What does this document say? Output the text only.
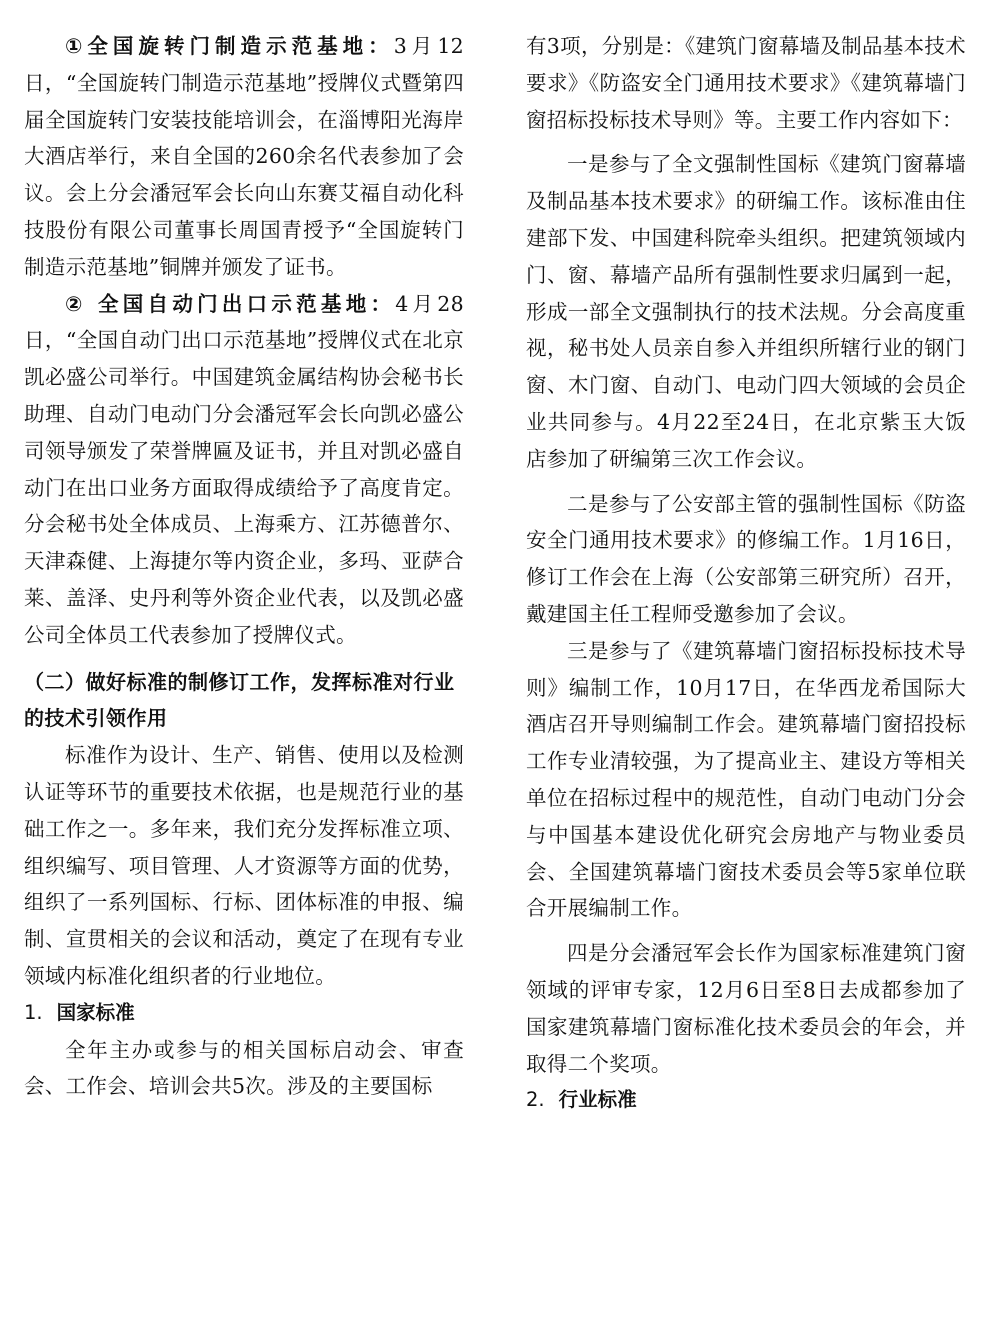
①全国旋转门制造示范基地：3月12日，“全国旋转门制造示范基地”授牌仪式暨第四届全国旋转门安装技能培训会，在淄博阳光海岸大酒店举行，来自全国的260余名代表参加了会议。会上分会潘冠军会长向山东赛艾福自动化科技股份有限公司董事长周国青授予“全国旋转门制造示范基地”铜牌并颁发了证书。

② 全国自动门出口示范基地：4月28日，“全国自动门出口示范基地”授牌仪式在北京凯必盛公司举行。中国建筑金属结构协会秘书长助理、自动门电动门分会潘冠军会长向凯必盛公司领导颁发了荣誉牌匾及证书，并且对凯必盛自动门在出口业务方面取得成绩给予了高度肯定。分会秘书处全体成员、上海乘方、江苏德普尔、天津森健、上海捷尔等内资企业，多玛、亚萨合莱、盖泽、史丹利等外资企业代表，以及凯必盛公司全体员工代表参加了授牌仪式。

（二）做好标准的制修订工作，发挥标准对行业的技术引领作用

标准作为设计、生产、销售、使用以及检测认证等环节的重要技术依据，也是规范行业的基础工作之一。多年来，我们充分发挥标准立项、组织编写、项目管理、人才资源等方面的优势，组织了一系列国标、行标、团体标准的申报、编制、宣贯相关的会议和活动，奠定了在现有专业领域内标准化组织者的行业地位。

1. 国家标准

全年主办或参与的相关国标启动会、审查会、工作会、培训会共5次。涉及的主要国标

有3项，分别是：《建筑门窗幕墙及制品基本技术要求》《防盗安全门通用技术要求》《建筑幕墙门窗招标投标技术导则》等。主要工作内容如下：

一是参与了全文强制性国标《建筑门窗幕墙及制品基本技术要求》的研编工作。该标准由住建部下发、中国建科院牵头组织。把建筑领域内门、窗、幕墙产品所有强制性要求归属到一起，形成一部全文强制执行的技术法规。分会高度重视，秘书处人员亲自参入并组织所辖行业的钢门窗、木门窗、自动门、电动门四大领域的会员企业共同参与。4月22至24日，在北京紫玉大饭店参加了研编第三次工作会议。

二是参与了公安部主管的强制性国标《防盗安全门通用技术要求》的修编工作。1月16日，修订工作会在上海（公安部第三研究所）召开，戴建国主任工程师受邀参加了会议。

三是参与了《建筑幕墙门窗招标投标技术导则》编制工作，10月17日，在华西龙希国际大酒店召开导则编制工作会。建筑幕墙门窗招投标工作专业清较强，为了提高业主、建设方等相关单位在招标过程中的规范性，自动门电动门分会与中国基本建设优化研究会房地产与物业委员会、全国建筑幕墙门窗技术委员会等5家单位联合开展编制工作。

四是分会潘冠军会长作为国家标准建筑门窗领域的评审专家，12月6日至8日去成都参加了国家建筑幕墙门窗标准化技术委员会的年会，并取得二个奖项。

2. 行业标准
